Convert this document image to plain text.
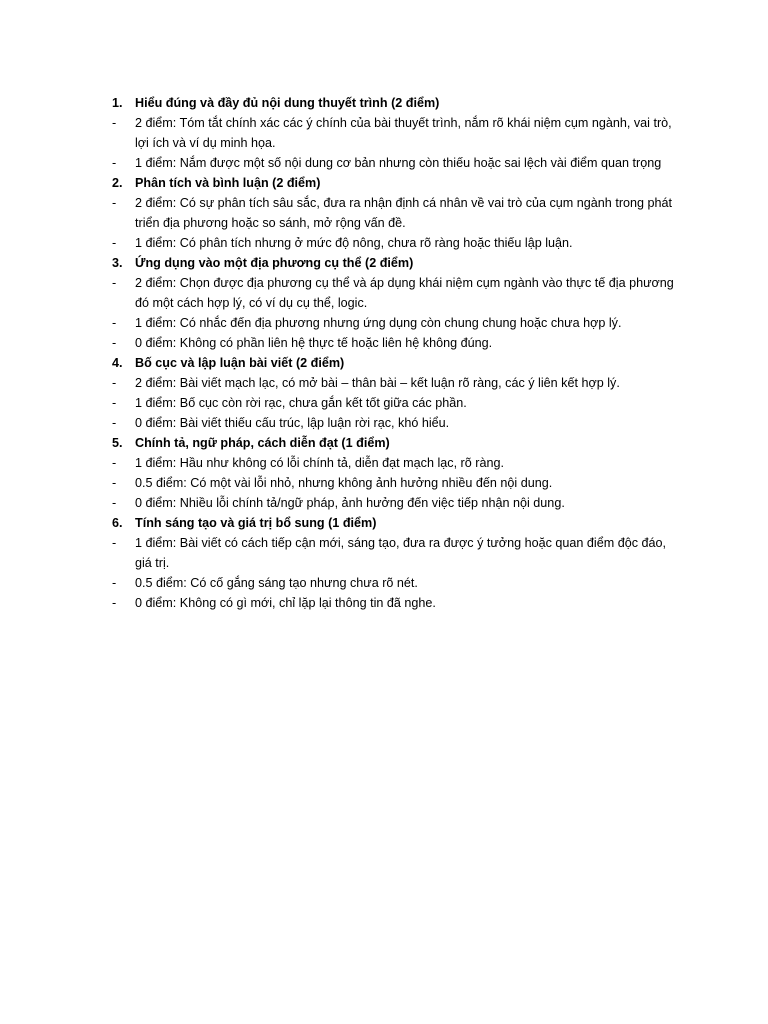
1. Hiểu đúng và đầy đủ nội dung thuyết trình (2 điểm)
-	2 điểm: Tóm tắt chính xác các ý chính của bài thuyết trình, nắm rõ khái niệm cụm ngành, vai trò, lợi ích và ví dụ minh họa.
-	1 điểm: Nắm được một số nội dung cơ bản nhưng còn thiếu hoặc sai lệch vài điểm quan trọng
2. Phân tích và bình luận (2 điểm)
-	2 điểm: Có sự phân tích sâu sắc, đưa ra nhận định cá nhân về vai trò của cụm ngành trong phát triển địa phương hoặc so sánh, mở rộng vấn đề.
-	1 điểm: Có phân tích nhưng ở mức độ nông, chưa rõ ràng hoặc thiếu lập luận.
3. Ứng dụng vào một địa phương cụ thể (2 điểm)
-	2 điểm: Chọn được địa phương cụ thể và áp dụng khái niệm cụm ngành vào thực tế địa phương đó một cách hợp lý, có ví dụ cụ thể, logic.
-	1 điểm: Có nhắc đến địa phương nhưng ứng dụng còn chung chung hoặc chưa hợp lý.
-	0 điểm: Không có phần liên hệ thực tế hoặc liên hệ không đúng.
4. Bố cục và lập luận bài viết (2 điểm)
-	2 điểm: Bài viết mạch lạc, có mở bài – thân bài – kết luận rõ ràng, các ý liên kết hợp lý.
-	1 điểm: Bố cục còn rời rạc, chưa gắn kết tốt giữa các phần.
-	0 điểm: Bài viết thiếu cấu trúc, lập luận rời rạc, khó hiểu.
5. Chính tả, ngữ pháp, cách diễn đạt (1 điểm)
-	1 điểm: Hầu như không có lỗi chính tả, diễn đạt mạch lạc, rõ ràng.
-	0.5 điểm: Có một vài lỗi nhỏ, nhưng không ảnh hưởng nhiều đến nội dung.
-	0 điểm: Nhiều lỗi chính tả/ngữ pháp, ảnh hưởng đến việc tiếp nhận nội dung.
6. Tính sáng tạo và giá trị bổ sung (1 điểm)
-	1 điểm: Bài viết có cách tiếp cận mới, sáng tạo, đưa ra được ý tưởng hoặc quan điểm độc đáo, giá trị.
-	0.5 điểm: Có cố gắng sáng tạo nhưng chưa rõ nét.
-	0 điểm: Không có gì mới, chỉ lặp lại thông tin đã nghe.
